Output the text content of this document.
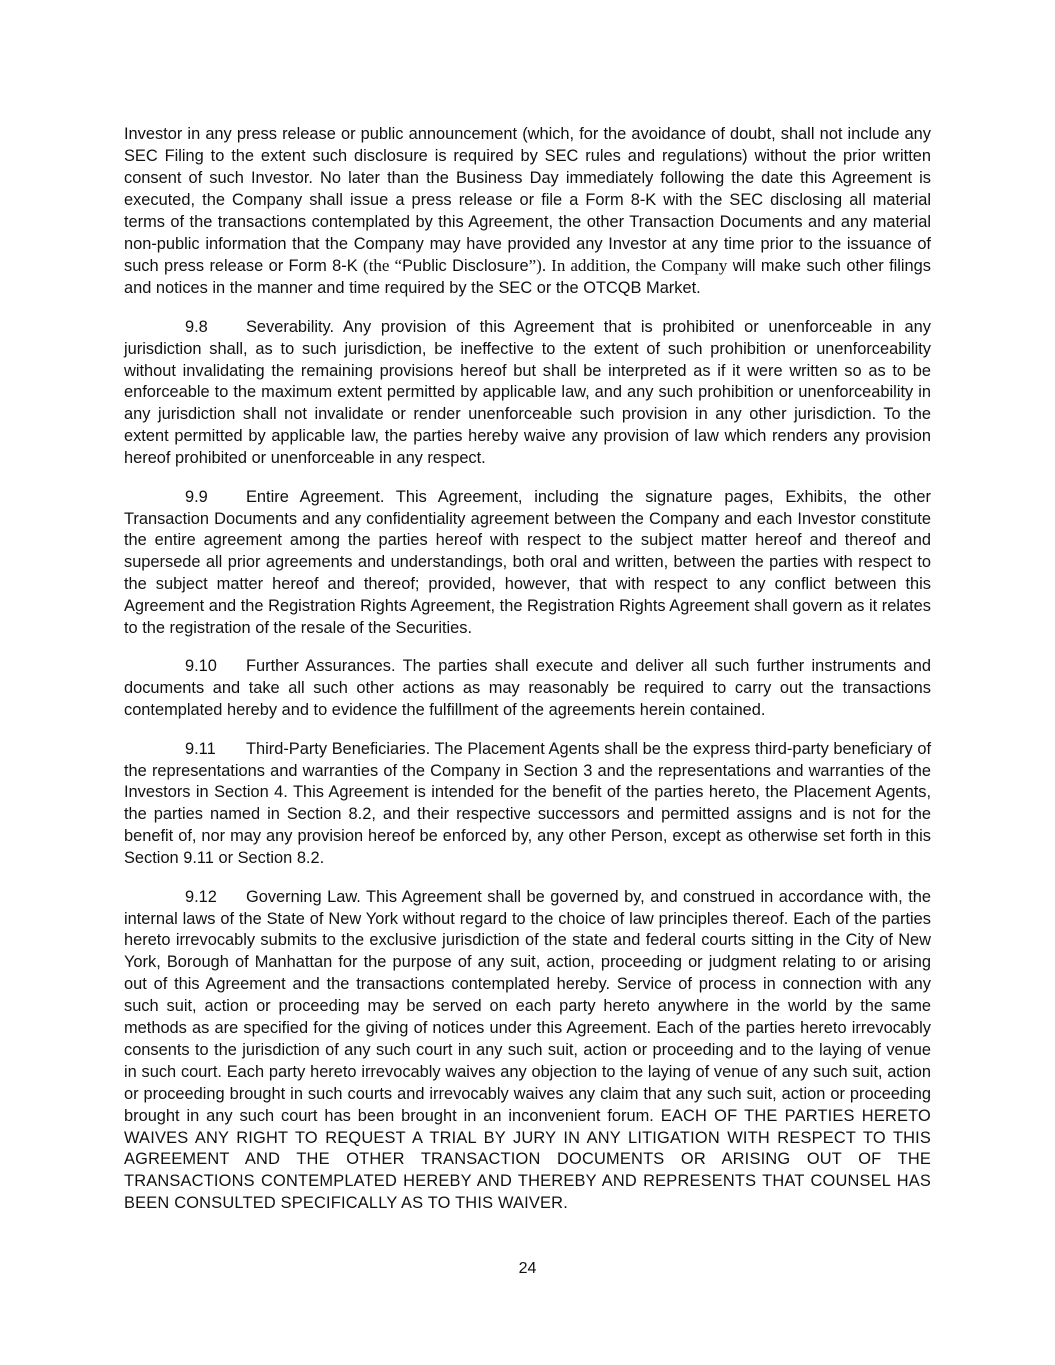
Investor in any press release or public announcement (which, for the avoidance of doubt, shall not include any SEC Filing to the extent such disclosure is required by SEC rules and regulations) without the prior written consent of such Investor. No later than the Business Day immediately following the date this Agreement is executed, the Company shall issue a press release or file a Form 8-K with the SEC disclosing all material terms of the transactions contemplated by this Agreement, the other Transaction Documents and any material non-public information that the Company may have provided any Investor at any time prior to the issuance of such press release or Form 8-K (the “Public Disclosure”). In addition, the Company will make such other filings and notices in the manner and time required by the SEC or the OTCQB Market.

9.8 Severability. Any provision of this Agreement that is prohibited or unenforceable in any jurisdiction shall, as to such jurisdiction, be ineffective to the extent of such prohibition or unenforceability without invalidating the remaining provisions hereof but shall be interpreted as if it were written so as to be enforceable to the maximum extent permitted by applicable law, and any such prohibition or unenforceability in any jurisdiction shall not invalidate or render unenforceable such provision in any other jurisdiction. To the extent permitted by applicable law, the parties hereby waive any provision of law which renders any provision hereof prohibited or unenforceable in any respect.

9.9 Entire Agreement. This Agreement, including the signature pages, Exhibits, the other Transaction Documents and any confidentiality agreement between the Company and each Investor constitute the entire agreement among the parties hereof with respect to the subject matter hereof and thereof and supersede all prior agreements and understandings, both oral and written, between the parties with respect to the subject matter hereof and thereof; provided, however, that with respect to any conflict between this Agreement and the Registration Rights Agreement, the Registration Rights Agreement shall govern as it relates to the registration of the resale of the Securities.

9.10 Further Assurances. The parties shall execute and deliver all such further instruments and documents and take all such other actions as may reasonably be required to carry out the transactions contemplated hereby and to evidence the fulfillment of the agreements herein contained.

9.11 Third-Party Beneficiaries. The Placement Agents shall be the express third-party beneficiary of the representations and warranties of the Company in Section 3 and the representations and warranties of the Investors in Section 4. This Agreement is intended for the benefit of the parties hereto, the Placement Agents, the parties named in Section 8.2, and their respective successors and permitted assigns and is not for the benefit of, nor may any provision hereof be enforced by, any other Person, except as otherwise set forth in this Section 9.11 or Section 8.2.

9.12 Governing Law. This Agreement shall be governed by, and construed in accordance with, the internal laws of the State of New York without regard to the choice of law principles thereof. Each of the parties hereto irrevocably submits to the exclusive jurisdiction of the state and federal courts sitting in the City of New York, Borough of Manhattan for the purpose of any suit, action, proceeding or judgment relating to or arising out of this Agreement and the transactions contemplated hereby. Service of process in connection with any such suit, action or proceeding may be served on each party hereto anywhere in the world by the same methods as are specified for the giving of notices under this Agreement. Each of the parties hereto irrevocably consents to the jurisdiction of any such court in any such suit, action or proceeding and to the laying of venue in such court. Each party hereto irrevocably waives any objection to the laying of venue of any such suit, action or proceeding brought in such courts and irrevocably waives any claim that any such suit, action or proceeding brought in any such court has been brought in an inconvenient forum. EACH OF THE PARTIES HERETO WAIVES ANY RIGHT TO REQUEST A TRIAL BY JURY IN ANY LITIGATION WITH RESPECT TO THIS AGREEMENT AND THE OTHER TRANSACTION DOCUMENTS OR ARISING OUT OF THE TRANSACTIONS CONTEMPLATED HEREBY AND THEREBY AND REPRESENTS THAT COUNSEL HAS BEEN CONSULTED SPECIFICALLY AS TO THIS WAIVER.

24
